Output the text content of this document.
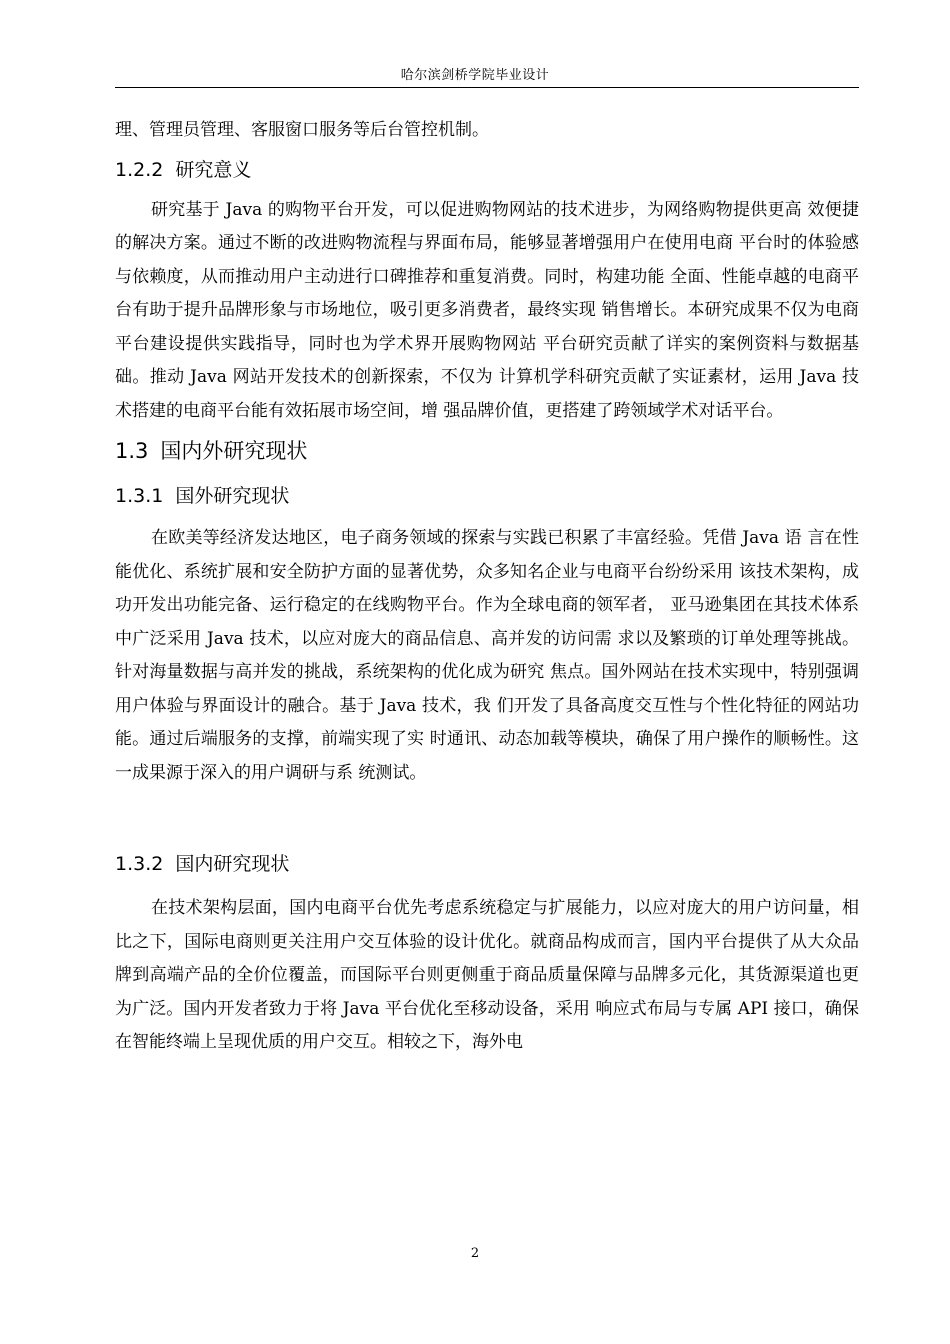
哈尔滨剑桥学院毕业设计

理、管理员管理、客服窗口服务等后台管控机制。

1.2.2 研究意义

研究基于 Java 的购物平台开发，可以促进购物网站的技术进步，为网络购物提供更高 效便捷的解决方案。通过不断的改进购物流程与界面布局，能够显著增强用户在使用电商 平台时的体验感与依赖度，从而推动用户主动进行口碑推荐和重复消费。同时，构建功能 全面、性能卓越的电商平台有助于提升品牌形象与市场地位，吸引更多消费者，最终实现 销售增长。本研究成果不仅为电商平台建设提供实践指导，同时也为学术界开展购物网站 平台研究贡献了详实的案例资料与数据基础。推动 Java 网站开发技术的创新探索，不仅为 计算机学科研究贡献了实证素材，运用 Java 技术搭建的电商平台能有效拓展市场空间，增 强品牌价值，更搭建了跨领域学术对话平台。

1.3 国内外研究现状
1.3.1 国外研究现状

在欧美等经济发达地区，电子商务领域的探索与实践已积累了丰富经验。凭借 Java 语 言在性能优化、系统扩展和安全防护方面的显著优势，众多知名企业与电商平台纷纷采用 该技术架构，成功开发出功能完备、运行稳定的在线购物平台。作为全球电商的领军者， 亚马逊集团在其技术体系中广泛采用 Java 技术，以应对庞大的商品信息、高并发的访问需 求以及繁琐的订单处理等挑战。针对海量数据与高并发的挑战，系统架构的优化成为研究 焦点。国外网站在技术实现中，特别强调用户体验与界面设计的融合。基于 Java 技术，我 们开发了具备高度交互性与个性化特征的网站功能。通过后端服务的支撑，前端实现了实 时通讯、动态加载等模块，确保了用户操作的顺畅性。这一成果源于深入的用户调研与系 统测试。

1.3.2 国内研究现状

在技术架构层面，国内电商平台优先考虑系统稳定与扩展能力，以应对庞大的用户访问量，相比之下，国际电商则更关注用户交互体验的设计优化。就商品构成而言，国内平台提供了从大众品牌到高端产品的全价位覆盖，而国际平台则更侧重于商品质量保障与品牌多元化，其货源渠道也更为广泛。国内开发者致力于将 Java 平台优化至移动设备，采用 响应式布局与专属 API 接口，确保在智能终端上呈现优质的用户交互。相较之下，海外电

2
